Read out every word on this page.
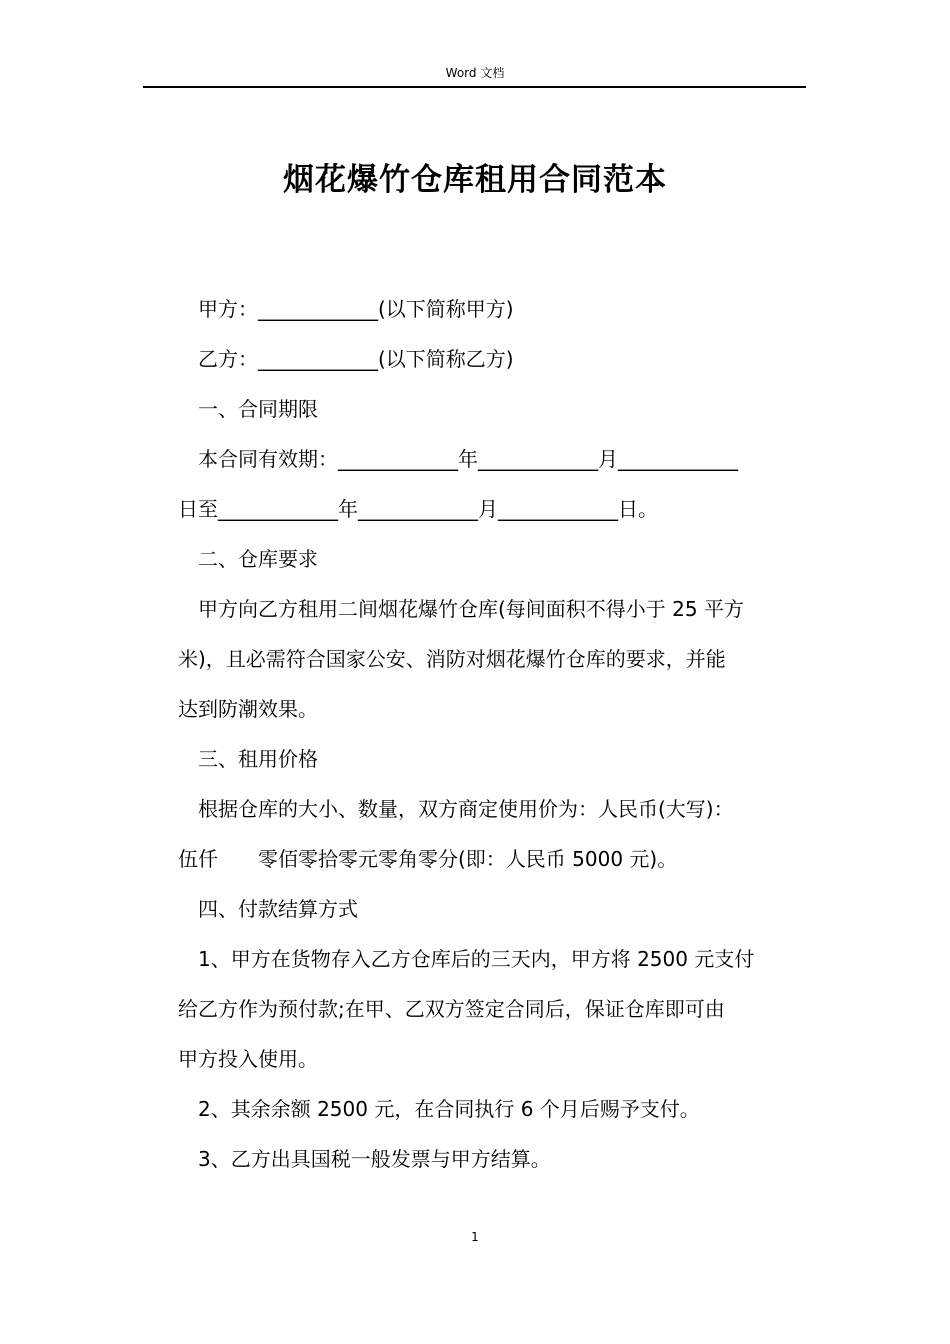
Word 文档
烟花爆竹仓库租用合同范本
甲方：____________(以下简称甲方)
乙方：____________(以下简称乙方)
一、合同期限
本合同有效期：____________年____________月____________
日至____________年____________月____________日。
二、仓库要求
甲方向乙方租用二间烟花爆竹仓库(每间面积不得小于 25 平方
米)，且必需符合国家公安、消防对烟花爆竹仓库的要求，并能
达到防潮效果。
三、租用价格
根据仓库的大小、数量，双方商定使用价为：人民币(大写)：
伍仟　　零佰零拾零元零角零分(即：人民币 5000 元)。
四、付款结算方式
1、甲方在货物存入乙方仓库后的三天内，甲方将 2500 元支付
给乙方作为预付款;在甲、乙双方签定合同后，保证仓库即可由
甲方投入使用。
2、其余余额 2500 元，在合同执行 6 个月后赐予支付。
3、乙方出具国税一般发票与甲方结算。
1
